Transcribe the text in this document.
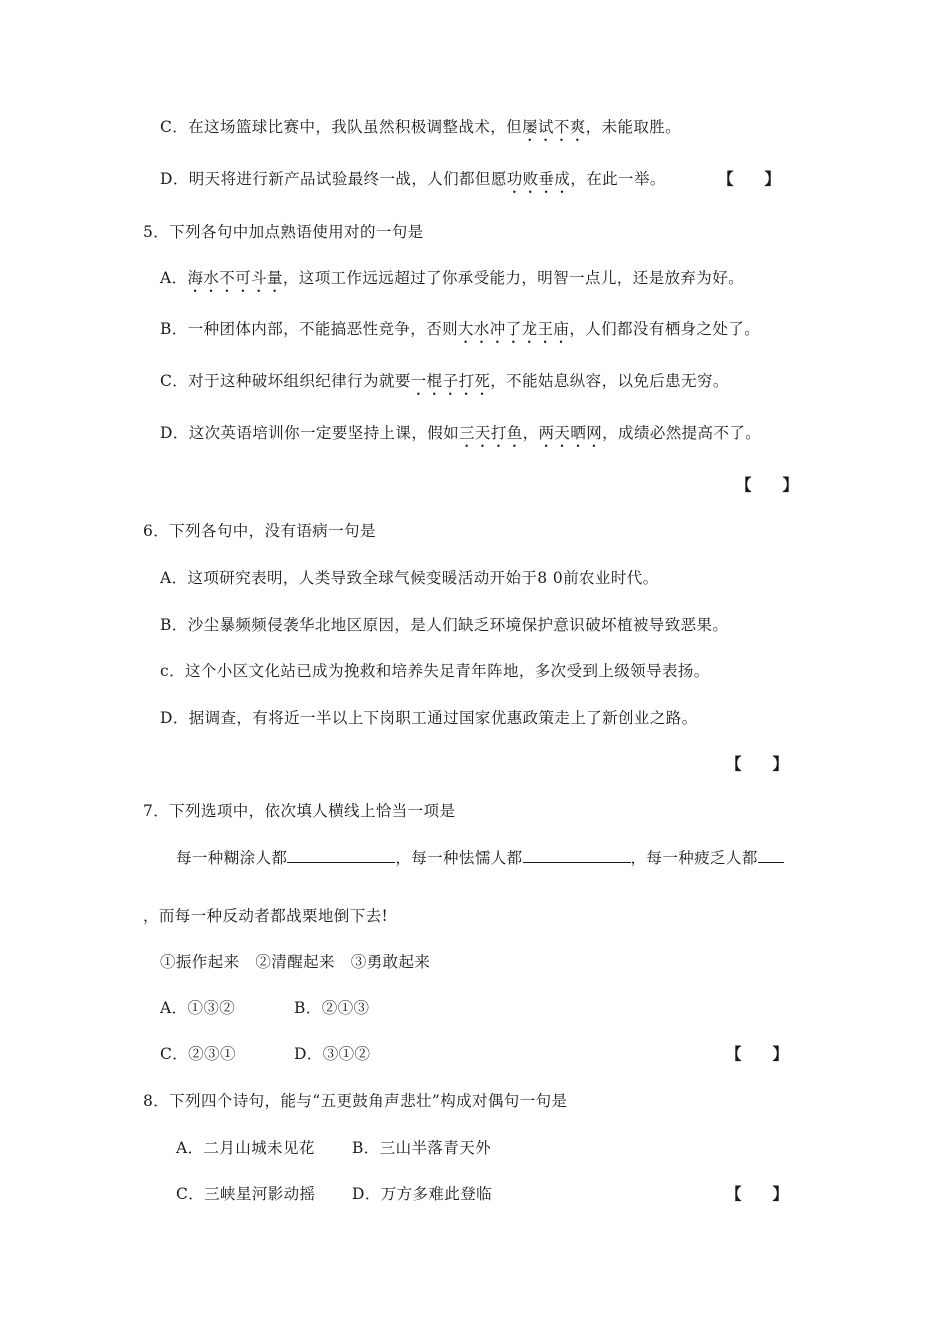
C．在这场篮球比赛中，我队虽然积极调整战术，但屡试不爽，未能取胜。
D．明天将进行新产品试验最终一战，人们都但愿功败垂成，在此一举。	【　　】
5．下列各句中加点熟语使用对的一句是
A．海水不可斗量，这项工作远远超过了你承受能力，明智一点儿，还是放弃为好。
B．一种团体内部，不能搞恶性竞争，否则大水冲了龙王庙，人们都没有栖身之处了。
C．对于这种破坏组织纪律行为就要一棍子打死，不能姑息纵容，以免后患无穷。
D．这次英语培训你一定要坚持上课，假如三天打鱼，两天晒网，成绩必然提高不了。
【　　】
6．下列各句中，没有语病一句是
A．这项研究表明，人类导致全球气候变暖活动开始于8 0前农业时代。
B．沙尘暴频频侵袭华北地区原因，是人们缺乏环境保护意识破坏植被导致恶果。
c．这个小区文化站已成为挽救和培养失足青年阵地，多次受到上级领导表扬。
D．据调查，有将近一半以上下岗职工通过国家优惠政策走上了新创业之路。
【　　】
7．下列选项中，依次填人横线上恰当一项是
每一种糊涂人都	，每一种怯懦人都	，每一种疲乏人都
，而每一种反动者都战栗地倒下去!
①振作起来　②清醒起来　③勇敢起来
A．①③②	B．②①③
C．②③①	D．③①②	【　　】
8．下列四个诗句，能与“五更鼓角声悲壮”构成对偶句一句是
A．二月山城未见花 B．三山半落青天外
C．三峡星河影动摇 D．万方多难此登临	【　　】
